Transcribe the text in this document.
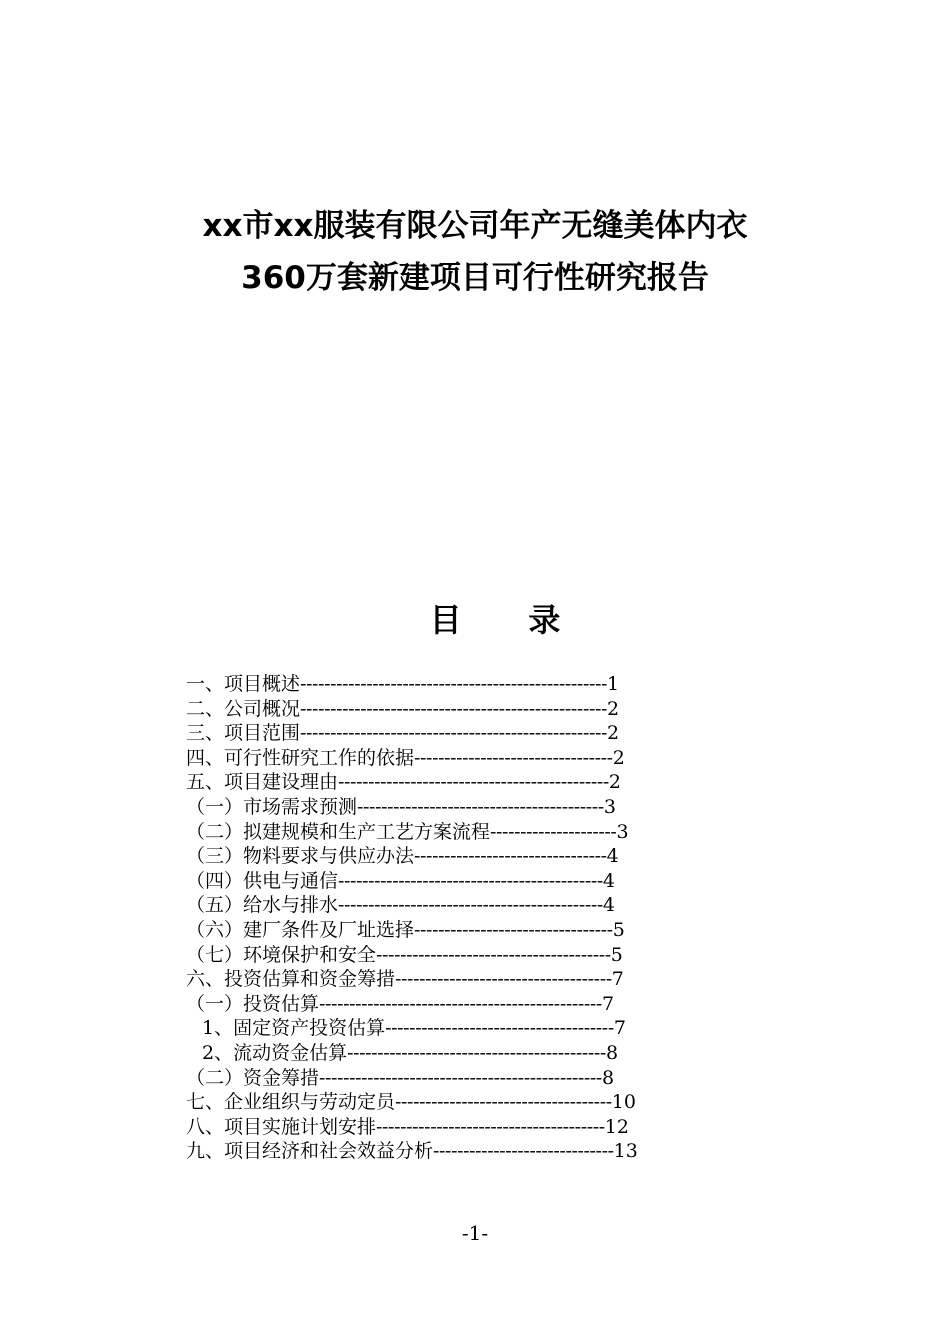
xx市xx服装有限公司年产无缝美体内衣
360万套新建项目可行性研究报告
目      录
一、项目概述---------------------------------------------------1
二、公司概况---------------------------------------------------2
三、项目范围---------------------------------------------------2
四、可行性研究工作的依据---------------------------------2
五、项目建设理由---------------------------------------------2
（一）市场需求预测-----------------------------------------3
（二）拟建规模和生产工艺方案流程---------------------3
（三）物料要求与供应办法--------------------------------4
（四）供电与通信--------------------------------------------4
（五）给水与排水--------------------------------------------4
（六）建厂条件及厂址选择---------------------------------5
（七）环境保护和安全---------------------------------------5
六、投资估算和资金筹措------------------------------------7
（一）投资估算-----------------------------------------------7
1、固定资产投资估算--------------------------------------7
2、流动资金估算-------------------------------------------8
（二）资金筹措-----------------------------------------------8
七、企业组织与劳动定员------------------------------------10
八、项目实施计划安排--------------------------------------12
九、项目经济和社会效益分析------------------------------13
-1-
